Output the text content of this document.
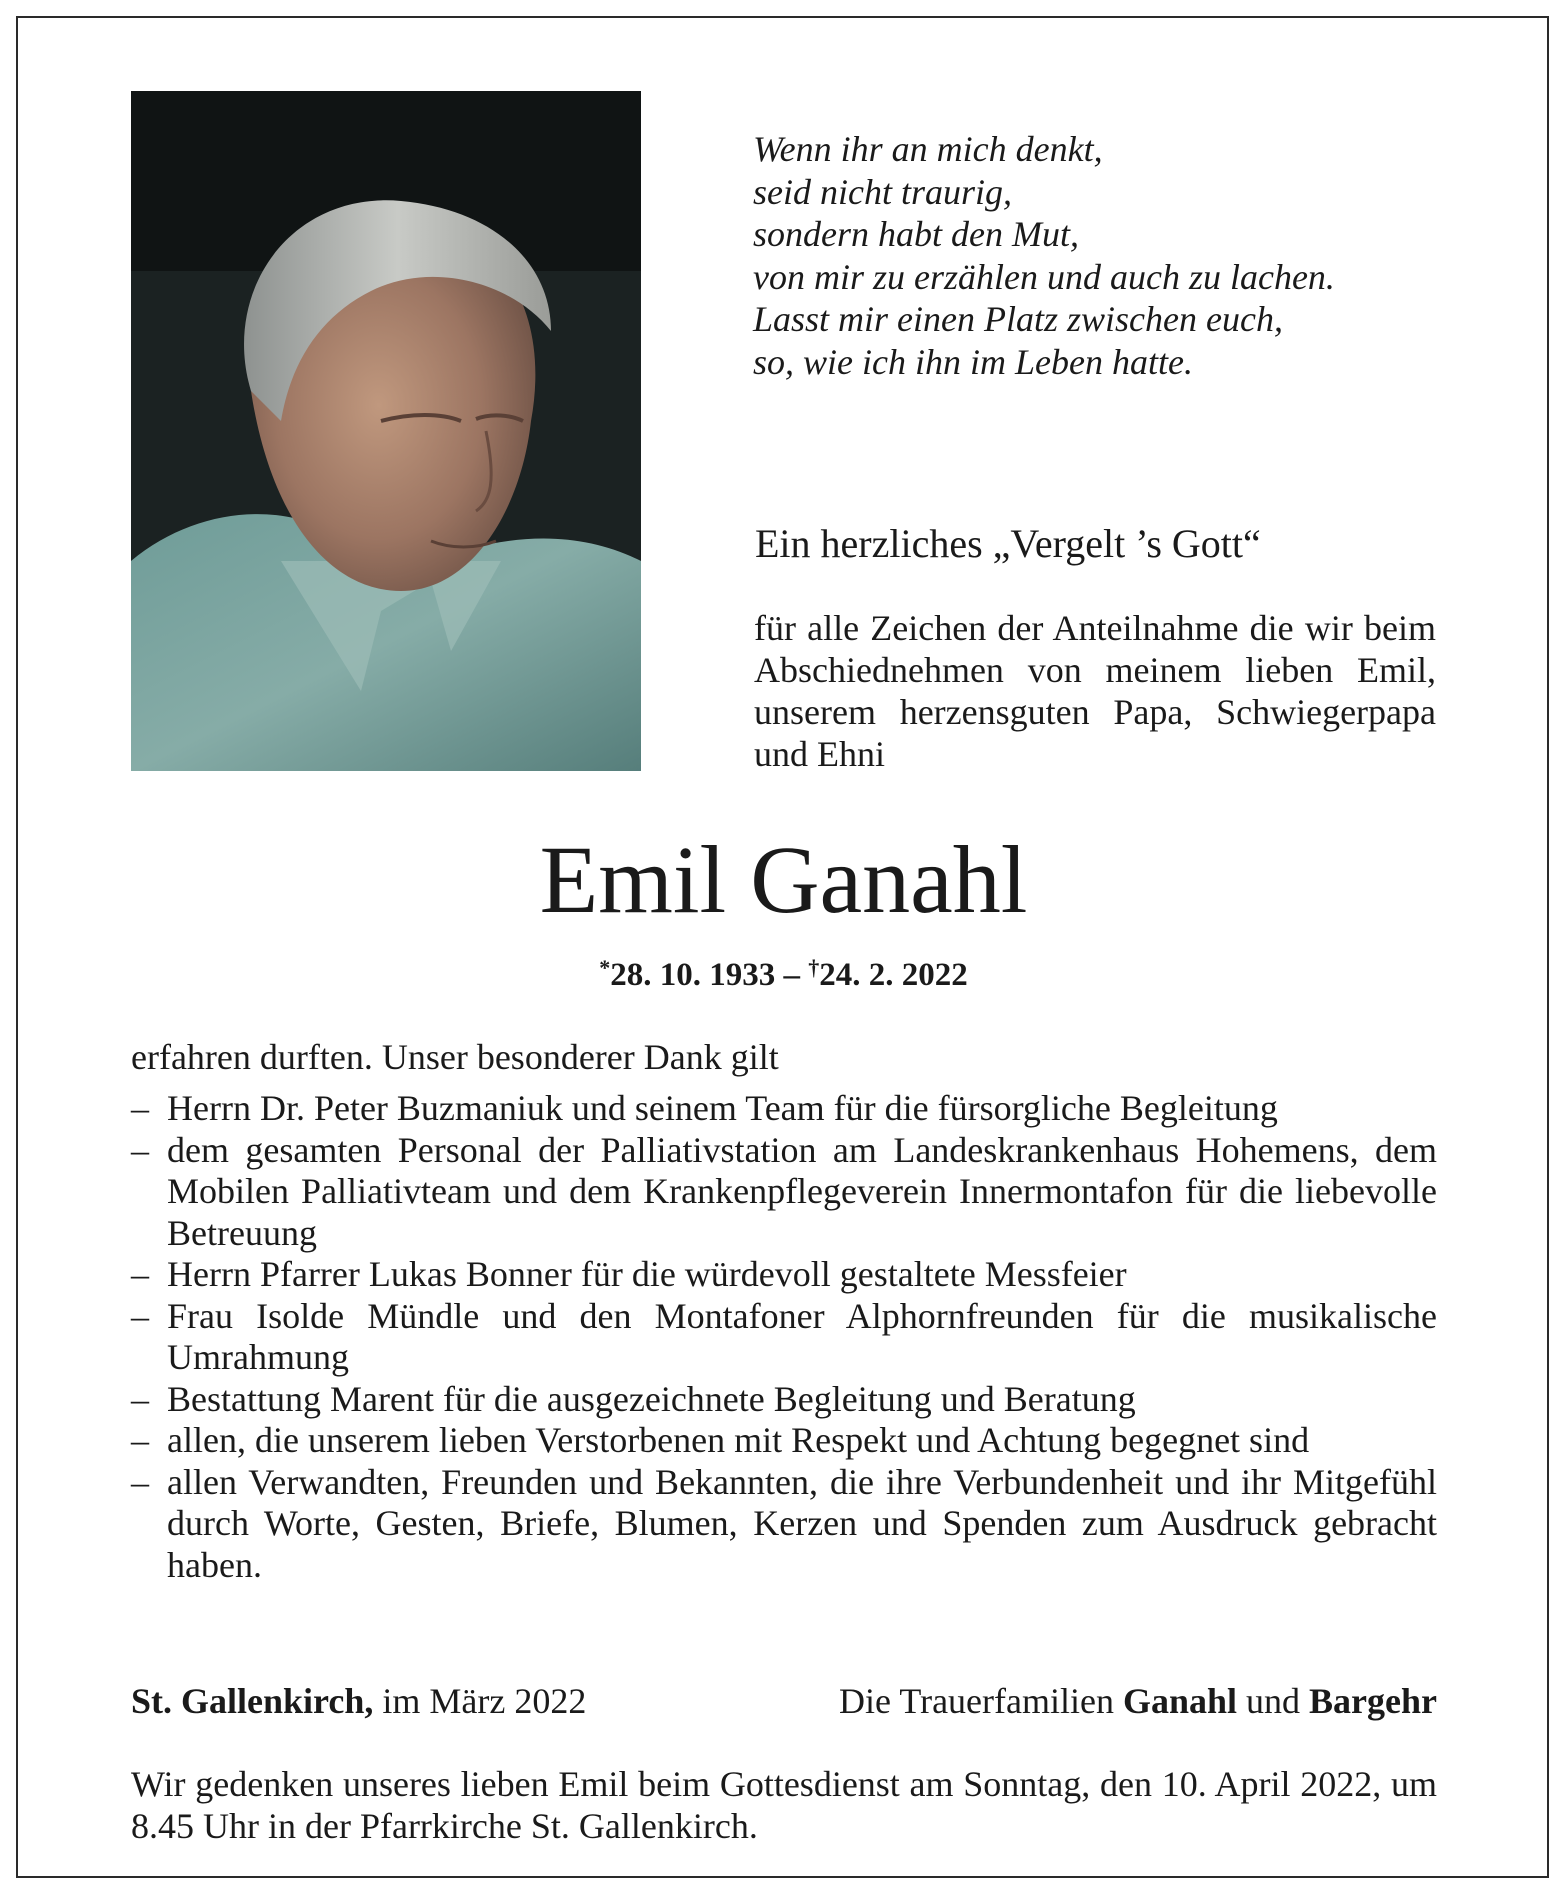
Wenn ihr an mich denkt,
seid nicht traurig,
sondern habt den Mut,
von mir zu erzählen und auch zu lachen.
Lasst mir einen Platz zwischen euch,
so, wie ich ihn im Leben hatte.
Ein herzliches „Vergelt ’s Gott“
für alle Zeichen der Anteilnahme die wir beim Abschiednehmen von meinem lieben Emil, unserem herzensguten Papa, Schwiegerpapa und Ehni
Emil Ganahl
*28. 10. 1933 – †24. 2. 2022
erfahren durften. Unser besonderer Dank gilt
– Herrn Dr. Peter Buzmaniuk und seinem Team für die fürsorgliche Begleitung
– dem gesamten Personal der Palliativstation am Landeskrankenhaus Hohemens, dem Mobilen Palliativteam und dem Krankenpflegeverein Innermontafon für die liebevolle Betreuung
– Herrn Pfarrer Lukas Bonner für die würdevoll gestaltete Messfeier
– Frau Isolde Mündle und den Montafoner Alphornfreunden für die musikalische Umrahmung
– Bestattung Marent für die ausgezeichnete Begleitung und Beratung
– allen, die unserem lieben Verstorbenen mit Respekt und Achtung begegnet sind
– allen Verwandten, Freunden und Bekannten, die ihre Verbundenheit und ihr Mitgefühl durch Worte, Gesten, Briefe, Blumen, Kerzen und Spenden zum Ausdruck gebracht haben.
St. Gallenkirch, im März 2022	Die Trauerfamilien Ganahl und Bargehr
Wir gedenken unseres lieben Emil beim Gottesdienst am Sonntag, den 10. April 2022, um 8.45 Uhr in der Pfarrkirche St. Gallenkirch.
